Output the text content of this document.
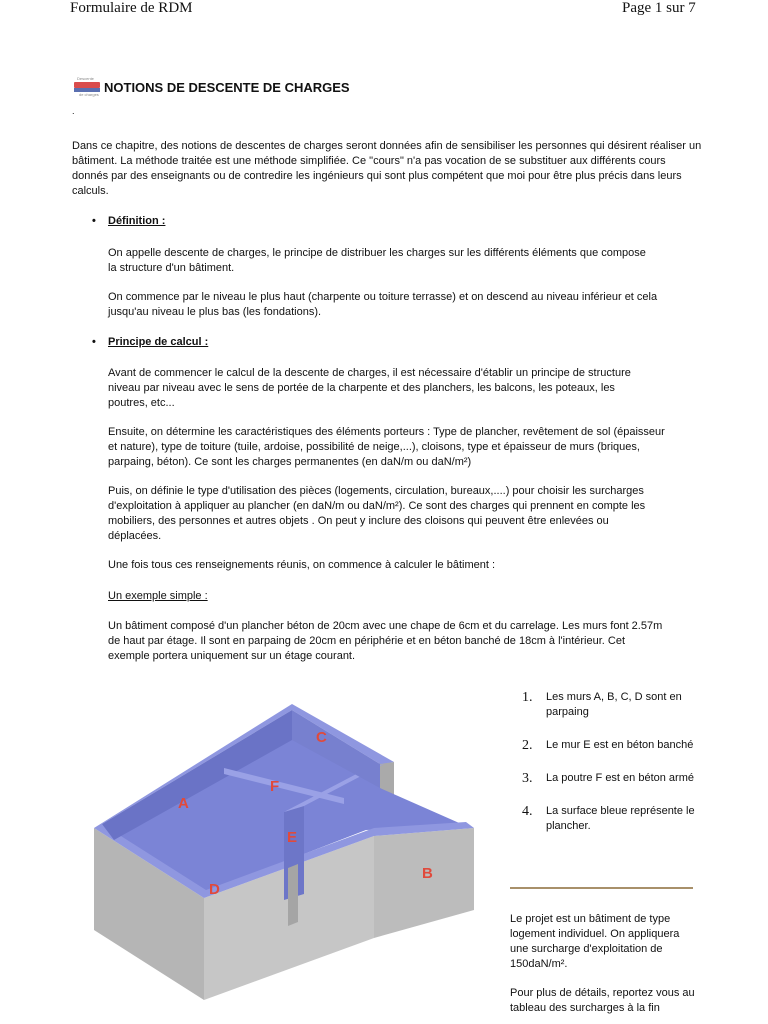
Formulaire de RDM	Page 1 sur 7
Descente
de charges NOTIONS DE DESCENTE DE CHARGES
.
Dans ce chapitre, des notions de descentes de charges seront données afin de sensibiliser les personnes qui désirent réaliser un bâtiment. La méthode traitée est une méthode simplifiée. Ce "cours" n'a pas vocation de se substituer aux différents cours donnés par des enseignants ou de contredire les ingénieurs qui sont plus compétent que moi pour être plus précis dans leurs calculs.
• Définition :
On appelle descente de charges, le principe de distribuer les charges sur les différents éléments que compose la structure d'un bâtiment.
On commence par le niveau le plus haut (charpente ou toiture terrasse) et on descend au niveau inférieur et cela jusqu'au niveau le plus bas (les fondations).
• Principe de calcul :
Avant de commencer le calcul de la descente de charges, il est nécessaire d'établir un principe de structure niveau par niveau avec le sens de portée de la charpente et des planchers, les balcons, les poteaux, les poutres, etc...
Ensuite, on détermine les caractéristiques des éléments porteurs : Type de plancher, revêtement de sol (épaisseur et nature), type de toiture (tuile, ardoise, possibilité de neige,...), cloisons, type et épaisseur de murs (briques, parpaing, béton). Ce sont les charges permanentes (en daN/m ou daN/m²)
Puis, on définie le type d'utilisation des pièces (logements, circulation, bureaux,....) pour choisir les surcharges d'exploitation à appliquer au plancher (en daN/m ou daN/m²). Ce sont des charges qui prennent en compte les mobiliers, des personnes et autres objets . On peut y inclure des cloisons qui peuvent être enlevées ou déplacées.
Une fois tous ces renseignements réunis, on commence à calculer le bâtiment :
Un exemple simple :
Un bâtiment composé d'un plancher béton de 20cm avec une chape de 6cm et du carrelage. Les murs font 2.57m de haut par étage. Il sont en parpaing de 20cm en périphérie et en béton banché de 18cm à l'intérieur. Cet exemple portera uniquement sur un étage courant.
A
B
C
D
E
F
1.	Les murs A, B, C, D sont en parpaing
2.	Le mur E est en béton banché
3.	La poutre F est en béton armé
4.	La surface bleue représente le plancher.
Le projet est un bâtiment de type logement individuel. On appliquera une surcharge d'exploitation de 150daN/m².
Pour plus de détails, reportez vous au tableau des surcharges à la fin
